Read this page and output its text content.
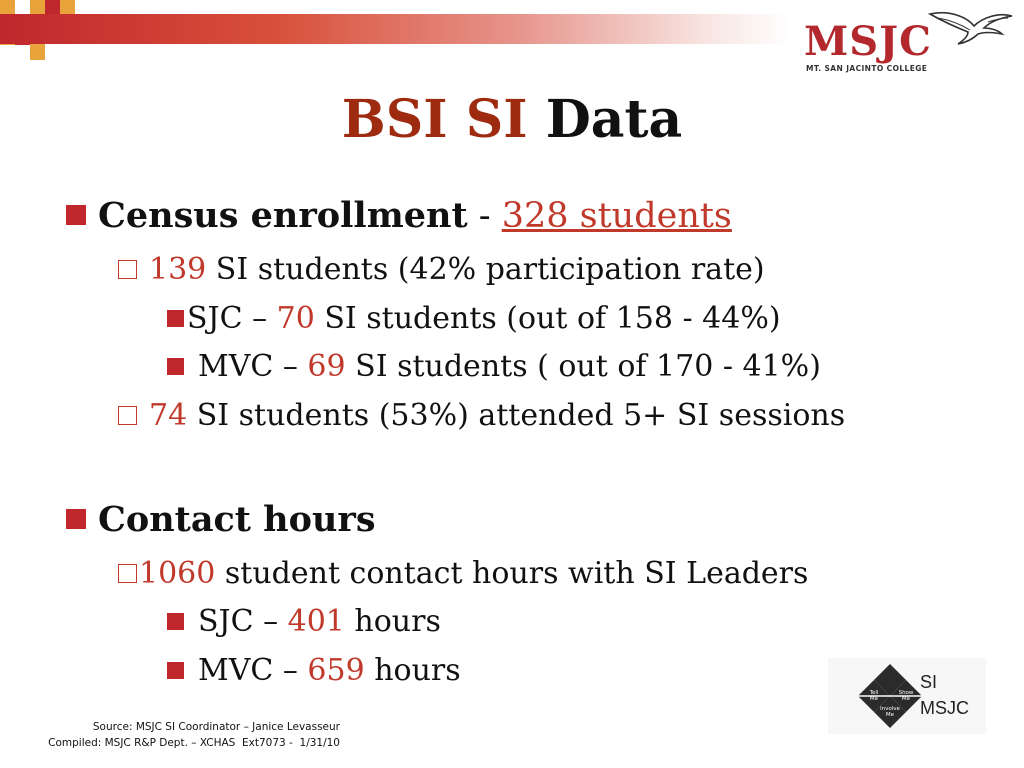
MSJC
MT. SAN JACINTO COLLEGE
BSI SI Data
Census enrollment - 328 students
139 SI students (42% participation rate)
SJC – 70 SI students (out of 158 - 44%)
MVC – 69 SI students ( out of 170 - 41%)
74 SI students (53%) attended 5+ SI sessions
Contact hours
1060 student contact hours with SI Leaders
SJC – 401 hours
MVC – 659 hours
Source: MSJC SI Coordinator – Janice Levasseur
Compiled: MSJC R&P Dept. – XCHAS  Ext7073 -  1/31/10
Tell
Me
Show
Me
Involve
Me
SI
MSJC
